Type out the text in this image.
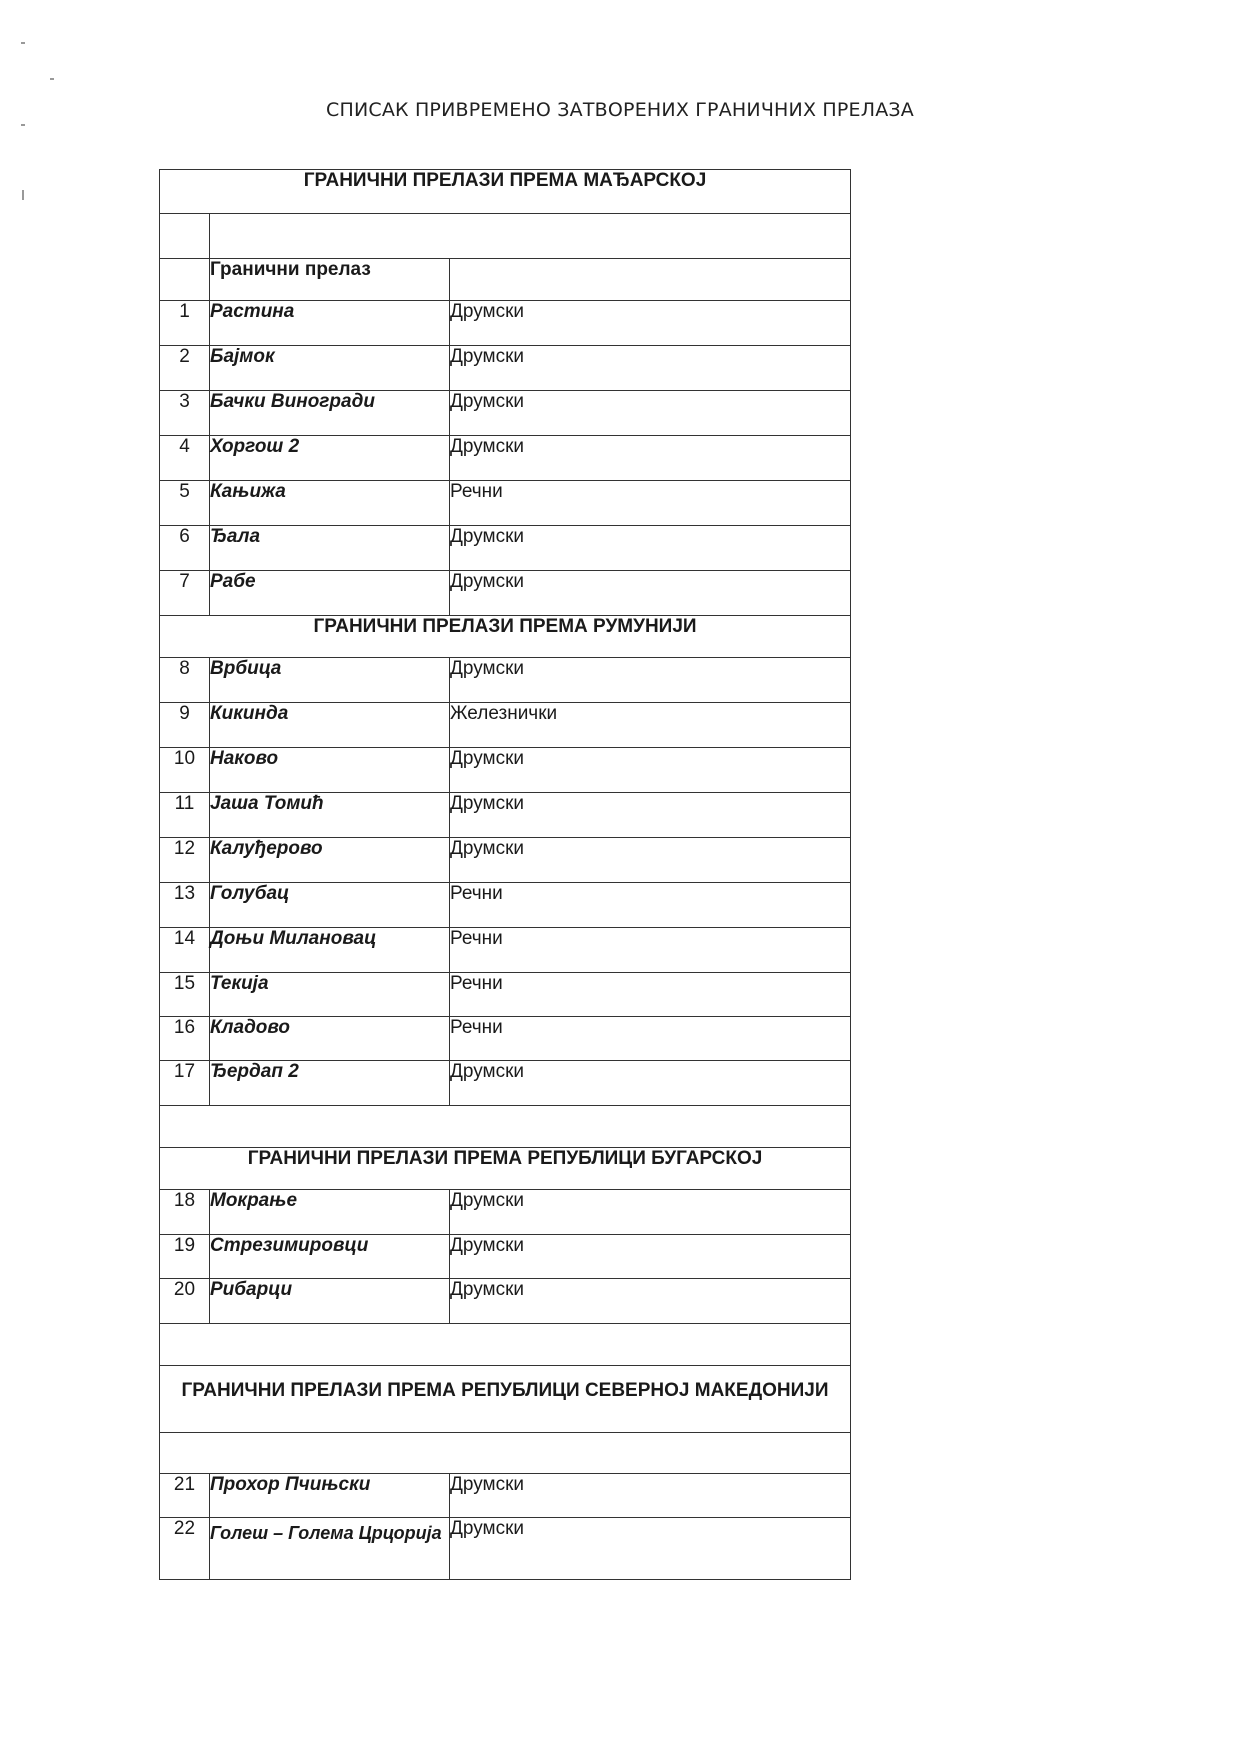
СПИСАК ПРИВРЕМЕНО ЗАТВОРЕНИХ ГРАНИЧНИХ ПРЕЛАЗА
ГРАНИЧНИ ПРЕЛАЗИ ПРЕМА МАЂАРСКОЈ		

	Гранични прелаз	
1	Растина	Друмски
2	Бајмок	Друмски
3	Бачки Виногради	Друмски
4	Хоргош 2	Друмски
5	Кањижа	Речни
6	Ђала	Друмски
7	Рабе	Друмски
ГРАНИЧНИ ПРЕЛАЗИ ПРЕМА РУМУНИЈИ		
8	Врбица	Друмски
9	Кикинда	Железнички
10	Наково	Друмски
11	Јаша Томић	Друмски
12	Калуђерово	Друмски
13	Голубац	Речни
14	Доњи Милановац	Речни
15	Текија	Речни
16	Кладово	Речни
17	Ђердап 2	Друмски

ГРАНИЧНИ ПРЕЛАЗИ ПРЕМА РЕПУБЛИЦИ БУГАРСКОЈ		
18	Мокрање	Друмски
19	Стрезимировци	Друмски
20	Рибарци	Друмски

ГРАНИЧНИ ПРЕЛАЗИ ПРЕМА РЕПУБЛИЦИ СЕВЕРНОЈ МАКЕДОНИЈИ		

21	Прохор Пчињски	Друмски
22	Голеш – Голема Црцорија	Друмски
